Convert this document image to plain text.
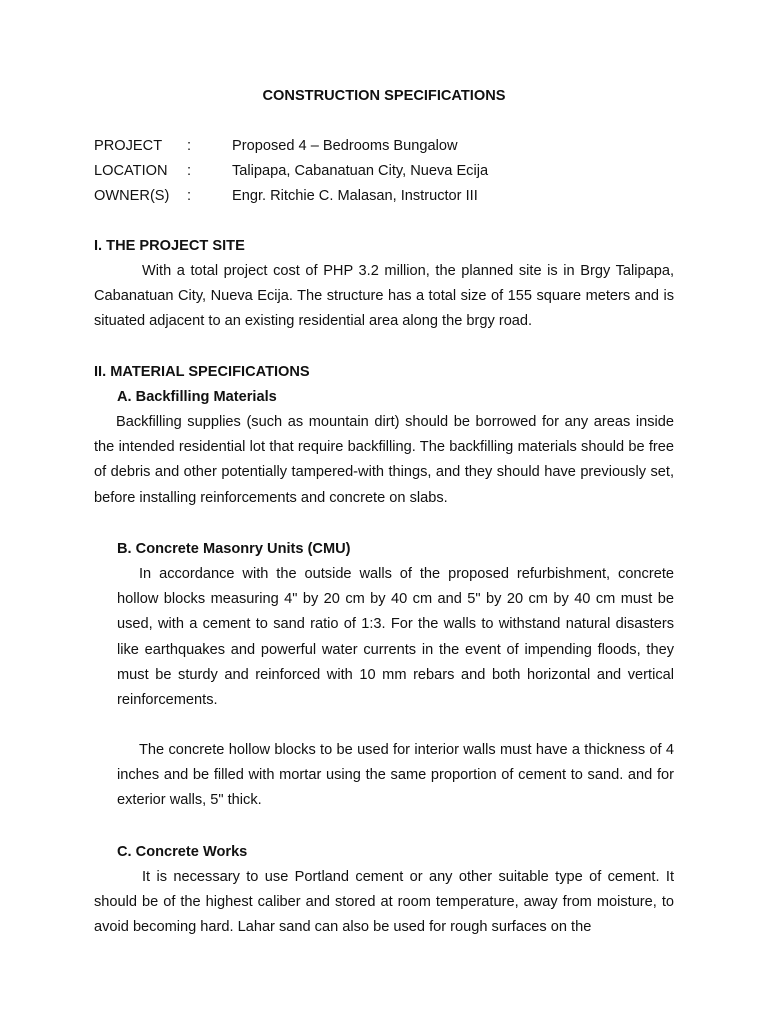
CONSTRUCTION SPECIFICATIONS
PROJECT	:	Proposed 4 – Bedrooms Bungalow
LOCATION	:	Talipapa, Cabanatuan City, Nueva Ecija
OWNER(S)	:	Engr. Ritchie C. Malasan, Instructor III
I. THE PROJECT SITE

With a total project cost of PHP 3.2 million, the planned site is in Brgy Talipapa, Cabanatuan City, Nueva Ecija. The structure has a total size of 155 square meters and is situated adjacent to an existing residential area along the brgy road.

II. MATERIAL SPECIFICATIONS
A. Backfilling Materials

Backfilling supplies (such as mountain dirt) should be borrowed for any areas inside the intended residential lot that require backfilling. The backfilling materials should be free of debris and other potentially tampered-with things, and they should have previously set, before installing reinforcements and concrete on slabs.

B. Concrete Masonry Units (CMU)

In accordance with the outside walls of the proposed refurbishment, concrete hollow blocks measuring 4" by 20 cm by 40 cm and 5" by 20 cm by 40 cm must be used, with a cement to sand ratio of 1:3. For the walls to withstand natural disasters like earthquakes and powerful water currents in the event of impending floods, they must be sturdy and reinforced with 10 mm rebars and both horizontal and vertical reinforcements.

The concrete hollow blocks to be used for interior walls must have a thickness of 4 inches and be filled with mortar using the same proportion of cement to sand. and for exterior walls, 5" thick.

C. Concrete Works

It is necessary to use Portland cement or any other suitable type of cement. It should be of the highest caliber and stored at room temperature, away from moisture, to avoid becoming hard. Lahar sand can also be used for rough surfaces on the
